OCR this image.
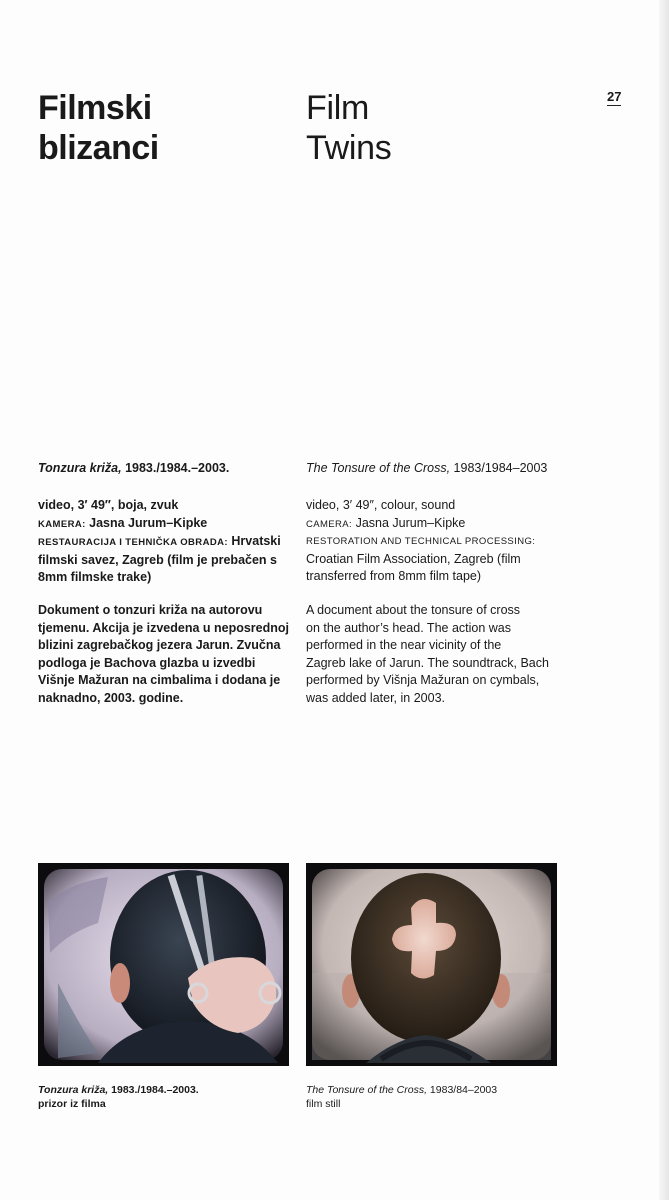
Filmski
blizanci
Film
Twins
27
Tonzura križa, 1983./1984.–2003.
video, 3′ 49″, boja, zvuk
KAMERA: Jasna Jurum–Kipke
RESTAURACIJA I TEHNIČKA OBRADA: Hrvatski
filmski savez, Zagreb (film je prebačen s
8mm filmske trake)
Dokument o tonzuri križa na autorovu
tjemenu. Akcija je izvedena u neposrednoj
blizini zagrebačkog jezera Jarun. Zvučna
podloga je Bachova glazba u izvedbi
Višnje Mažuran na cimbalima i dodana je
naknadno, 2003. godine.
The Tonsure of the Cross, 1983/1984–2003
video, 3′ 49″, colour, sound
CAMERA: Jasna Jurum–Kipke
RESTORATION AND TECHNICAL PROCESSING:
Croatian Film Association, Zagreb (film
transferred from 8mm film tape)
A document about the tonsure of cross
on the author’s head. The action was
performed in the near vicinity of the
Zagreb lake of Jarun. The soundtrack, Bach
performed by Višnja Mažuran on cymbals,
was added later, in 2003.
Tonzura križa, 1983./1984.–2003.
prizor iz filma
The Tonsure of the Cross, 1983/84–2003
film still
